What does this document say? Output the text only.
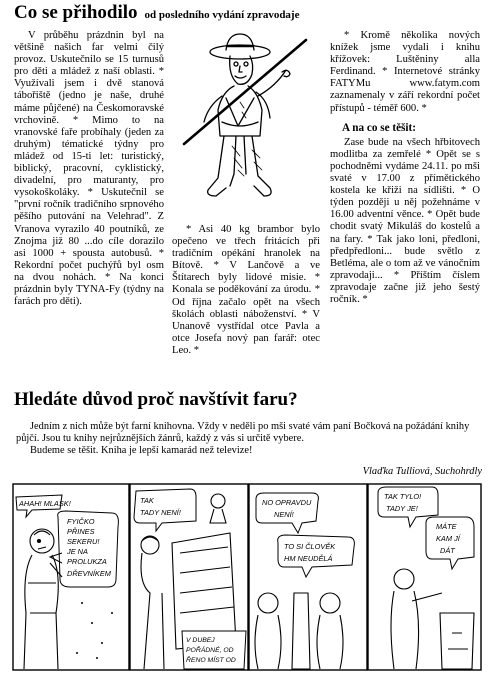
Co se přihodilo od posledního vydání zpravodaje

V průběhu prázdnin byl na většině našich far velmi čilý provoz. Uskutečnilo se 15 turnusů pro děti a mládež z naší oblasti. * Využívali jsem i dvě stanová tábořiště (jedno je naše, druhé máme půjčené) na Českomoravské vrchovině. * Mimo to na vranovské faře probíhaly (jeden za druhým) tématické týdny pro mládež od 15-ti let: turistický, biblický, pracovní, cyklistický, divadelní, pro maturanty, pro vysokoškoláky. * Uskutečnil se "první ročník tradičního srpnového pěšího putování na Velehrad". Z Vranova vyrazilo 40 poutníků, ze Znojma již 80 ...do cíle dorazilo asi 1000 + spousta autobusů. * Rekordní počet puchýřů byl osm na dvou nohách. * Na konci prázdnin byly TYNA-Fy (týdny na farách pro děti).

* Asi 40 kg brambor bylo opečeno ve třech fritácích při tradičním opékání hranolek na Bítově. * V Lančově a ve Štítarech byly lidové misie. * Konala se poděkování za úrodu. * Od října začalo opět na všech školách oblasti náboženství. * V Unanově vystřídal otce Pavla a otce Josefa nový pan farář: otec Leo. *

* Kromě několika nových knížek jsme vydali i knihu křížovek: Luštěniny alla Ferdinand. * Internetové stránky FATYMu www.fatym.com zaznamenaly v září rekordní počet přístupů - téměř 600. *

A na co se těšit:

Zase bude na všech hřbitovech modlitba za zemřelé * Opět se s pochodněmi vydáme 24.11. po mši svaté v 17.00 z přímětického kostela ke křiži na sídlišti. * O týden později u něj požehnáme v 16.00 adventní věnce. * Opět bude chodit svatý Mikuláš do kostelů a na fary. * Tak jako loni, předloni, předpředloni... bude světlo z Betléma, ale o tom až ve vánočním zpravodaji... * Příštím číslem zpravodaje začne již jeho šestý ročník. *

Hledáte důvod proč navštívit faru?
Jedním z nich může být farní knihovna. Vždy v neděli po mši svaté vám paní Bočková na požádání knihy půjčí. Jsou tu knihy nejrůznějších žánrů, každý z vás si určitě vybere.
Budeme se těšit. Kniha je lepší kamarád než televize!
Vlaďka Tulliová, Suchohrdly
AHAH! MLASK!
FYIČKO
PŘINES
SEKERU!
JE NA
PROLUKZA
DŘEVNÍKEM
TAK
TADY NENÍ!
V DUBEJ
POŘÁDNÉ, OD
ŘENO MÍST OD
NO OPRAVDU
NENÍ!
TO SI ČLOVĚK
HM NEUDĚLÁ
TAK TYLO!
TADY JE!
MÁTE
KAM JÍ
DÁT
